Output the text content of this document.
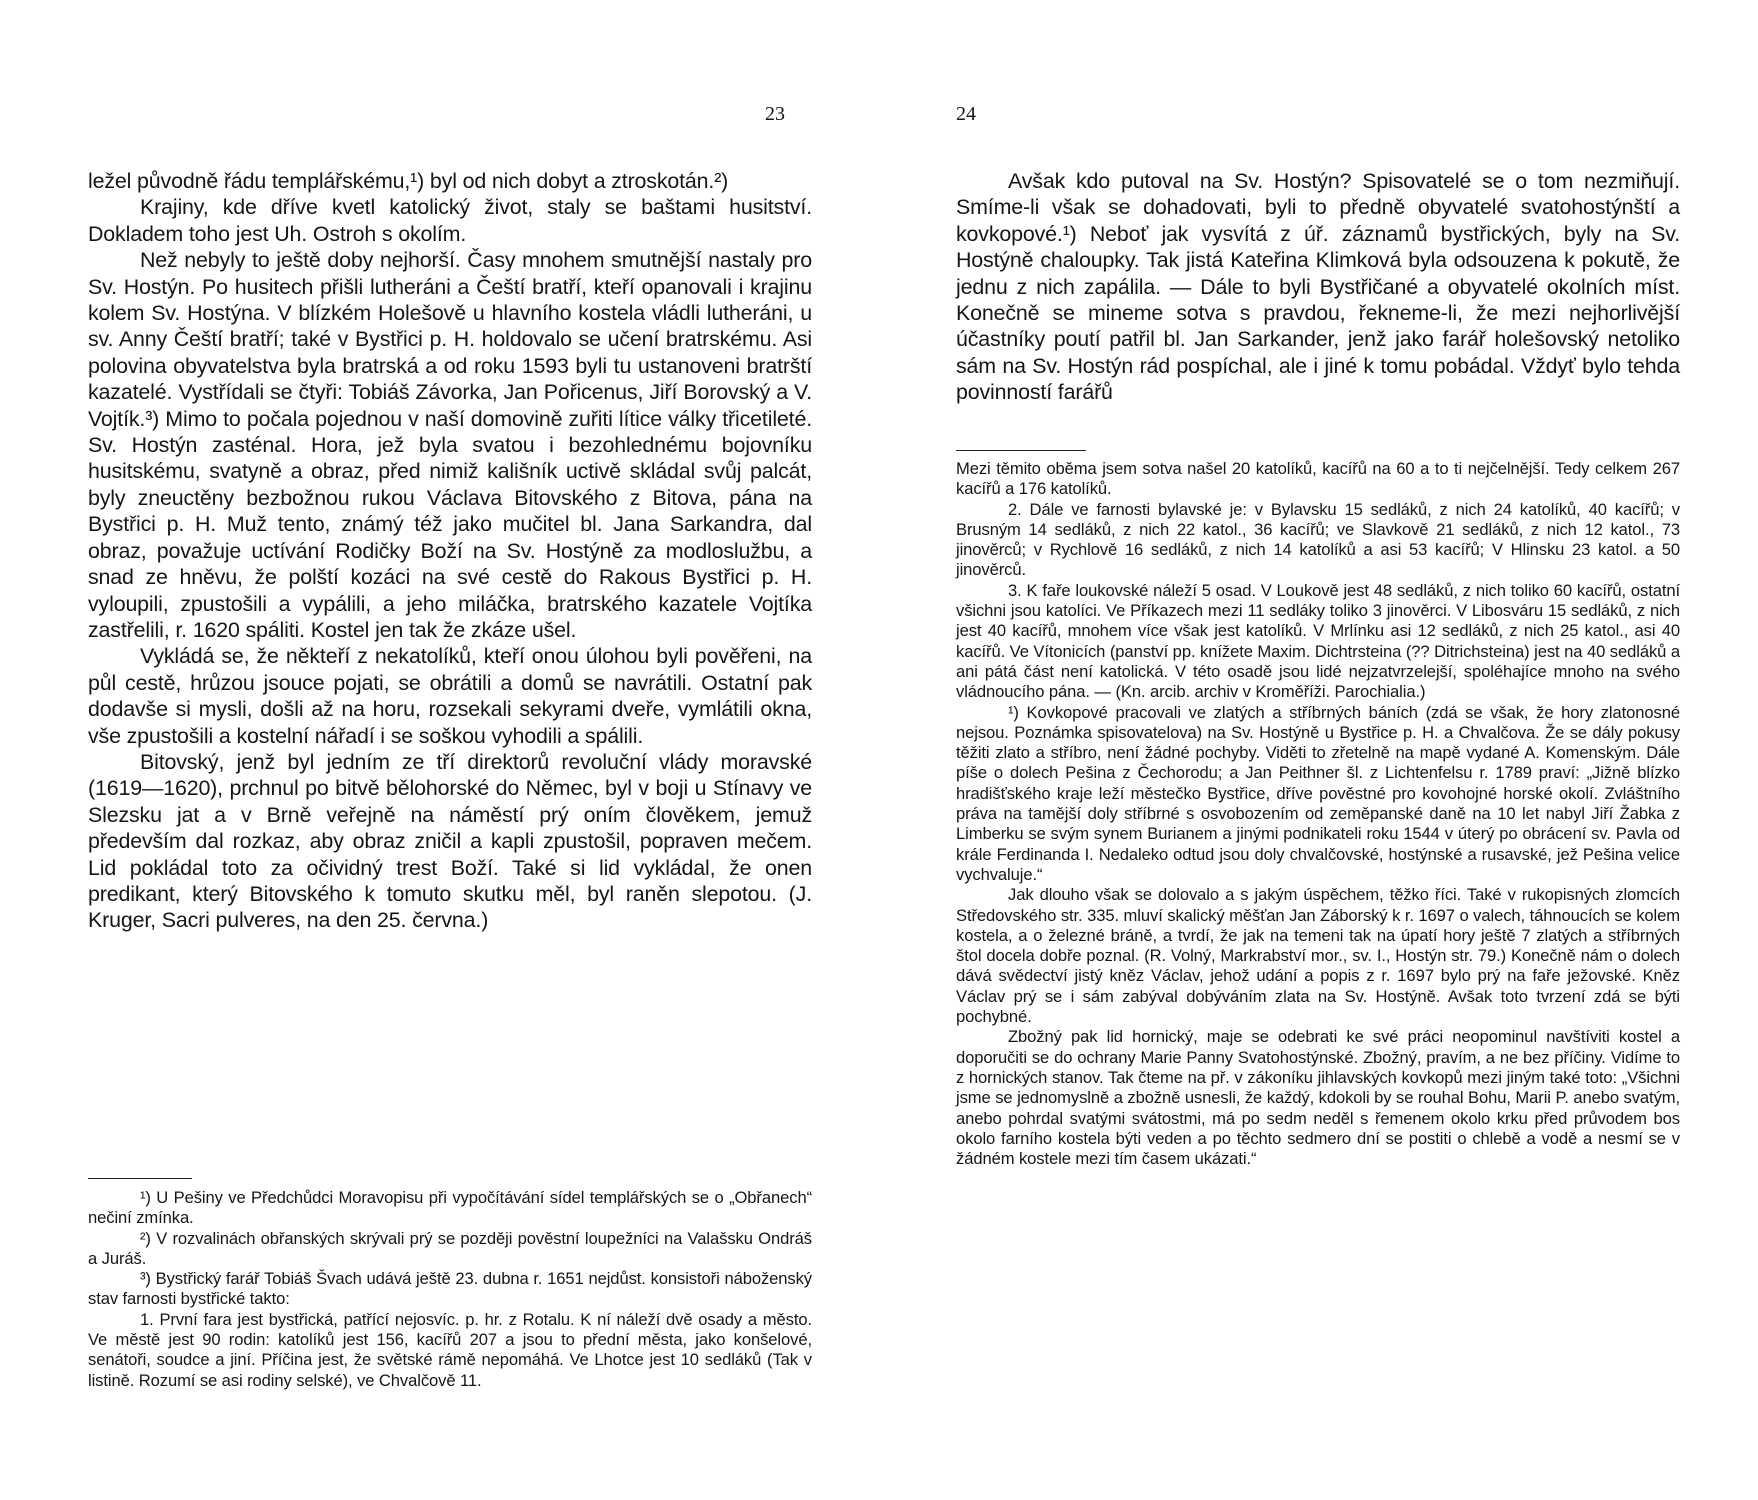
23

ležel původně řádu templářskému,¹) byl od nich dobyt a ztroskotán.²)

Krajiny, kde dříve kvetl katolický život, staly se baštami husitství. Dokladem toho jest Uh. Ostroh s okolím.

Než nebyly to ještě doby nejhorší. Časy mnohem smutnější nastaly pro Sv. Hostýn. Po husitech přišli lutheráni a Čeští bratří, kteří opanovali i krajinu kolem Sv. Hostýna. V blízkém Holešově u hlavního kostela vládli lutheráni, u sv. Anny Čeští bratří; také v Bystřici p. H. holdovalo se učení bratrskému. Asi polovina obyvatelstva byla bratrská a od roku 1593 byli tu ustanoveni bratrští kazatelé. Vystřídali se čtyři: Tobiáš Závorka, Jan Pořicenus, Jiří Borovský a V. Vojtík.³) Mimo to počala pojednou v naší domovině zuřiti lítice války třicetileté. Sv. Hostýn zasténal. Hora, jež byla svatou i bezohlednému bojovníku husitskému, svatyně a obraz, před nimiž kališník uctivě skládal svůj palcát, byly zneuctěny bezbožnou rukou Václava Bitovského z Bitova, pána na Bystřici p. H. Muž tento, známý též jako mučitel bl. Jana Sarkandra, dal obraz, považuje uctívání Rodičky Boží na Sv. Hostýně za modloslužbu, a snad ze hněvu, že polští kozáci na své cestě do Rakous Bystřici p. H. vyloupili, zpustošili a vypálili, a jeho miláčka, bratrského kazatele Vojtíka zastřelili, r. 1620 spáliti. Kostel jen tak že zkáze ušel.

Vykládá se, že někteří z nekatolíků, kteří onou úlohou byli pověřeni, na půl cestě, hrůzou jsouce pojati, se obrátili a domů se navrátili. Ostatní pak dodavše si mysli, došli až na horu, rozsekali sekyrami dveře, vymlátili okna, vše zpustošili a kostelní nářadí i se soškou vyhodili a spálili.

Bitovský, jenž byl jedním ze tří direktorů revoluční vlády moravské (1619—1620), prchnul po bitvě bělohorské do Němec, byl v boji u Stínavy ve Slezsku jat a v Brně veřejně na náměstí prý oním člověkem, jemuž především dal rozkaz, aby obraz zničil a kapli zpustošil, popraven mečem. Lid pokládal toto za očividný trest Boží. Také si lid vykládal, že onen predikant, který Bitovského k tomuto skutku měl, byl raněn slepotou. (J. Kruger, Sacri pulveres, na den 25. června.)

¹) U Pešiny ve Předchůdci Moravopisu při vypočítávání sídel templářských se o „Obřanech“ nečiní zmínka.

²) V rozvalinách obřanských skrývali prý se později pověstní loupežníci na Valašsku Ondráš a Juráš.

³) Bystřický farář Tobiáš Švach udává ještě 23. dubna r. 1651 nejdůst. konsistoři náboženský stav farnosti bystřické takto:

1. První fara jest bystřická, patřící nejosvíc. p. hr. z Rotalu. K ní náleží dvě osady a město. Ve městě jest 90 rodin: katolíků jest 156, kacířů 207 a jsou to přední města, jako konšelové, senátoři, soudce a jiní. Příčina jest, že světské rámě nepomáhá. Ve Lhotce jest 10 sedláků (Tak v listině. Rozumí se asi rodiny selské), ve Chvalčově 11.

24

Avšak kdo putoval na Sv. Hostýn? Spisovatelé se o tom nezmiňují. Smíme-li však se dohadovati, byli to předně obyvatelé svatohostýnští a kovkopové.¹) Neboť jak vysvítá z úř. záznamů bystřických, byly na Sv. Hostýně chaloupky. Tak jistá Kateřina Klimková byla odsouzena k pokutě, že jednu z nich zapálila. — Dále to byli Bystřičané a obyvatelé okolních míst. Konečně se mineme sotva s pravdou, řekneme-li, že mezi nejhorlivější účastníky poutí patřil bl. Jan Sarkander, jenž jako farář holešovský netoliko sám na Sv. Hostýn rád pospíchal, ale i jiné k tomu pobádal. Vždyť bylo tehda povinností farářů

Mezi těmito oběma jsem sotva našel 20 katolíků, kacířů na 60 a to ti nejčelnější. Tedy celkem 267 kacířů a 176 katolíků.

2. Dále ve farnosti bylavské je: v Bylavsku 15 sedláků, z nich 24 katolíků, 40 kacířů; v Brusným 14 sedláků, z nich 22 katol., 36 kacířů; ve Slavkově 21 sedláků, z nich 12 katol., 73 jinověrců; v Rychlově 16 sedláků, z nich 14 katolíků a asi 53 kacířů; V Hlinsku 23 katol. a 50 jinověrců.

3. K faře loukovské náleží 5 osad. V Loukově jest 48 sedláků, z nich toliko 60 kacířů, ostatní všichni jsou katolíci. Ve Příkazech mezi 11 sedláky toliko 3 jinověrci. V Libosváru 15 sedláků, z nich jest 40 kacířů, mnohem více však jest katolíků. V Mrlínku asi 12 sedláků, z nich 25 katol., asi 40 kacířů. Ve Vítonicích (panství pp. knížete Maxim. Dichtrsteina (?? Ditrichsteina) jest na 40 sedláků a ani pátá část není katolická. V této osadě jsou lidé nejzatvrzelejší, spoléhajíce mnoho na svého vládnoucího pána. — (Kn. arcib. archiv v Kroměříži. Parochialia.)

¹) Kovkopové pracovali ve zlatých a stříbrných báních (zdá se však, že hory zlatonosné nejsou. Poznámka spisovatelova) na Sv. Hostýně u Bystřice p. H. a Chvalčova. Že se dály pokusy těžiti zlato a stříbro, není žádné pochyby. Viděti to zřetelně na mapě vydané A. Komenským. Dále píše o dolech Pešina z Čechorodu; a Jan Peithner šl. z Lichtenfelsu r. 1789 praví: „Jižně blízko hradišťského kraje leží městečko Bystřice, dříve pověstné pro kovohojné horské okolí. Zvláštního práva na tamější doly stříbrné s osvobozením od zeměpanské daně na 10 let nabyl Jiří Žabka z Limberku se svým synem Burianem a jinými podnikateli roku 1544 v úterý po obrácení sv. Pavla od krále Ferdinanda I. Nedaleko odtud jsou doly chvalčovské, hostýnské a rusavské, jež Pešina velice vychvaluje.“

Jak dlouho však se dolovalo a s jakým úspěchem, těžko říci. Také v rukopisných zlomcích Středovského str. 335. mluví skalický měšťan Jan Záborský k r. 1697 o valech, táhnoucích se kolem kostela, a o železné bráně, a tvrdí, že jak na temeni tak na úpatí hory ještě 7 zlatých a stříbrných štol docela dobře poznal. (R. Volný, Markrabství mor., sv. I., Hostýn str. 79.) Konečně nám o dolech dává svědectví jistý kněz Václav, jehož udání a popis z r. 1697 bylo prý na faře ježovské. Kněz Václav prý se i sám zabýval dobýváním zlata na Sv. Hostýně. Avšak toto tvrzení zdá se býti pochybné.

Zbožný pak lid hornický, maje se odebrati ke své práci neopominul navštíviti kostel a doporučiti se do ochrany Marie Panny Svatohostýnské. Zbožný, pravím, a ne bez příčiny. Vidíme to z hornických stanov. Tak čteme na př. v zákoníku jihlavských kovkopů mezi jiným také toto: „Všichni jsme se jednomyslně a zbožně usnesli, že každý, kdokoli by se rouhal Bohu, Marii P. anebo svatým, anebo pohrdal svatými svátostmi, má po sedm neděl s řemenem okolo krku před průvodem bos okolo farního kostela býti veden a po těchto sedmero dní se postiti o chlebě a vodě a nesmí se v žádném kostele mezi tím časem ukázati.“
